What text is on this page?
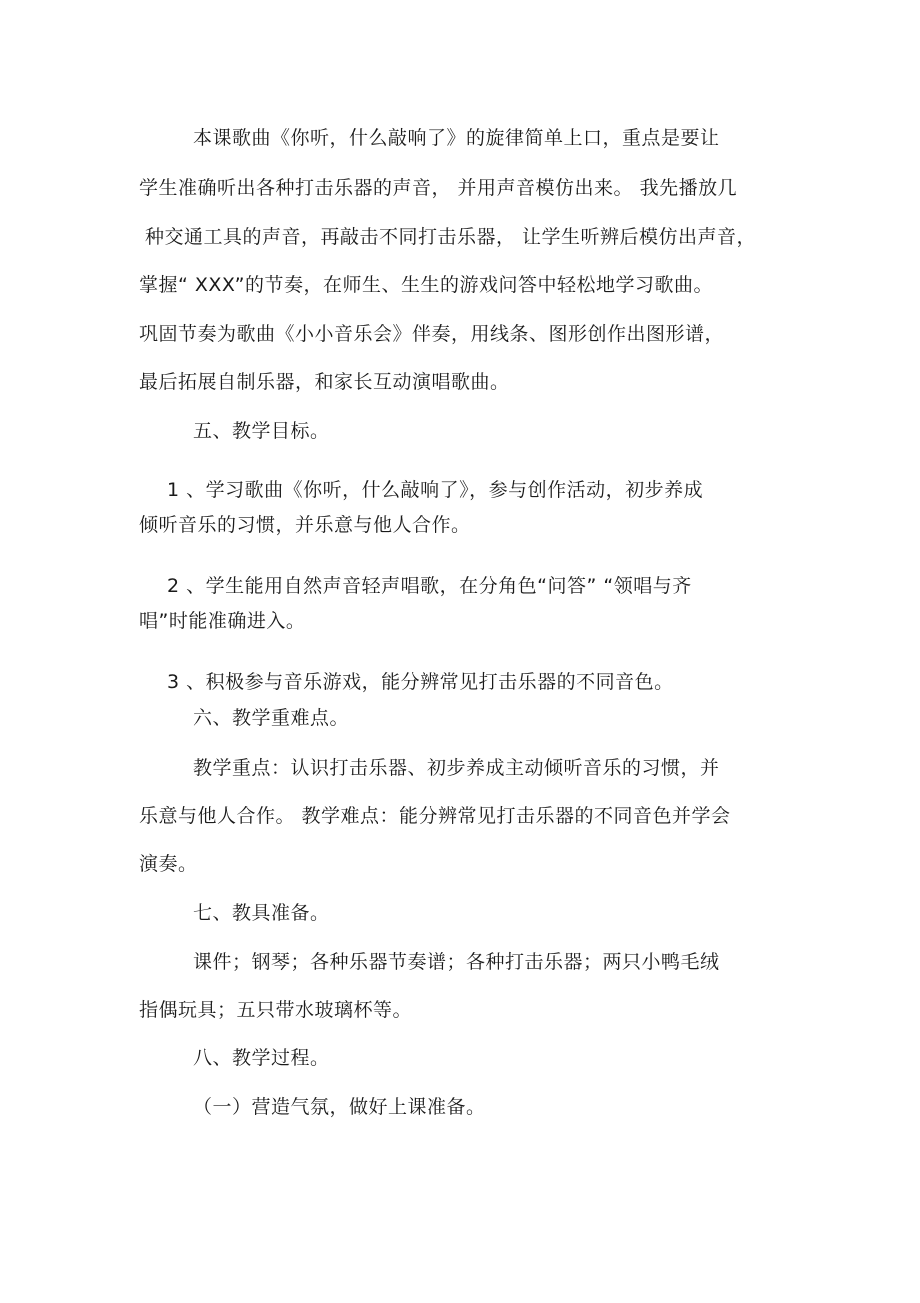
本课歌曲《你听，什么敲响了》的旋律简单上口，重点是要让
学生准确听出各种打击乐器的声音， 并用声音模仿出来。 我先播放几
种交通工具的声音，再敲击不同打击乐器， 让学生听辨后模仿出声音，
掌握“ XXX”的节奏，在师生、生生的游戏问答中轻松地学习歌曲。
巩固节奏为歌曲《小小音乐会》伴奏，用线条、图形创作出图形谱，
最后拓展自制乐器，和家长互动演唱歌曲。
五、教学目标。
1 、学习歌曲《你听，什么敲响了》，参与创作活动，初步养成
倾听音乐的习惯，并乐意与他人合作。
2 、学生能用自然声音轻声唱歌，在分角色“问答” “领唱与齐
唱”时能准确进入。
3 、积极参与音乐游戏，能分辨常见打击乐器的不同音色。
六、教学重难点。
教学重点：认识打击乐器、初步养成主动倾听音乐的习惯，并
乐意与他人合作。 教学难点：能分辨常见打击乐器的不同音色并学会
演奏。
七、教具准备。
课件；钢琴；各种乐器节奏谱；各种打击乐器；两只小鸭毛绒
指偶玩具；五只带水玻璃杯等。
八、教学过程。
（一）营造气氛，做好上课准备。
